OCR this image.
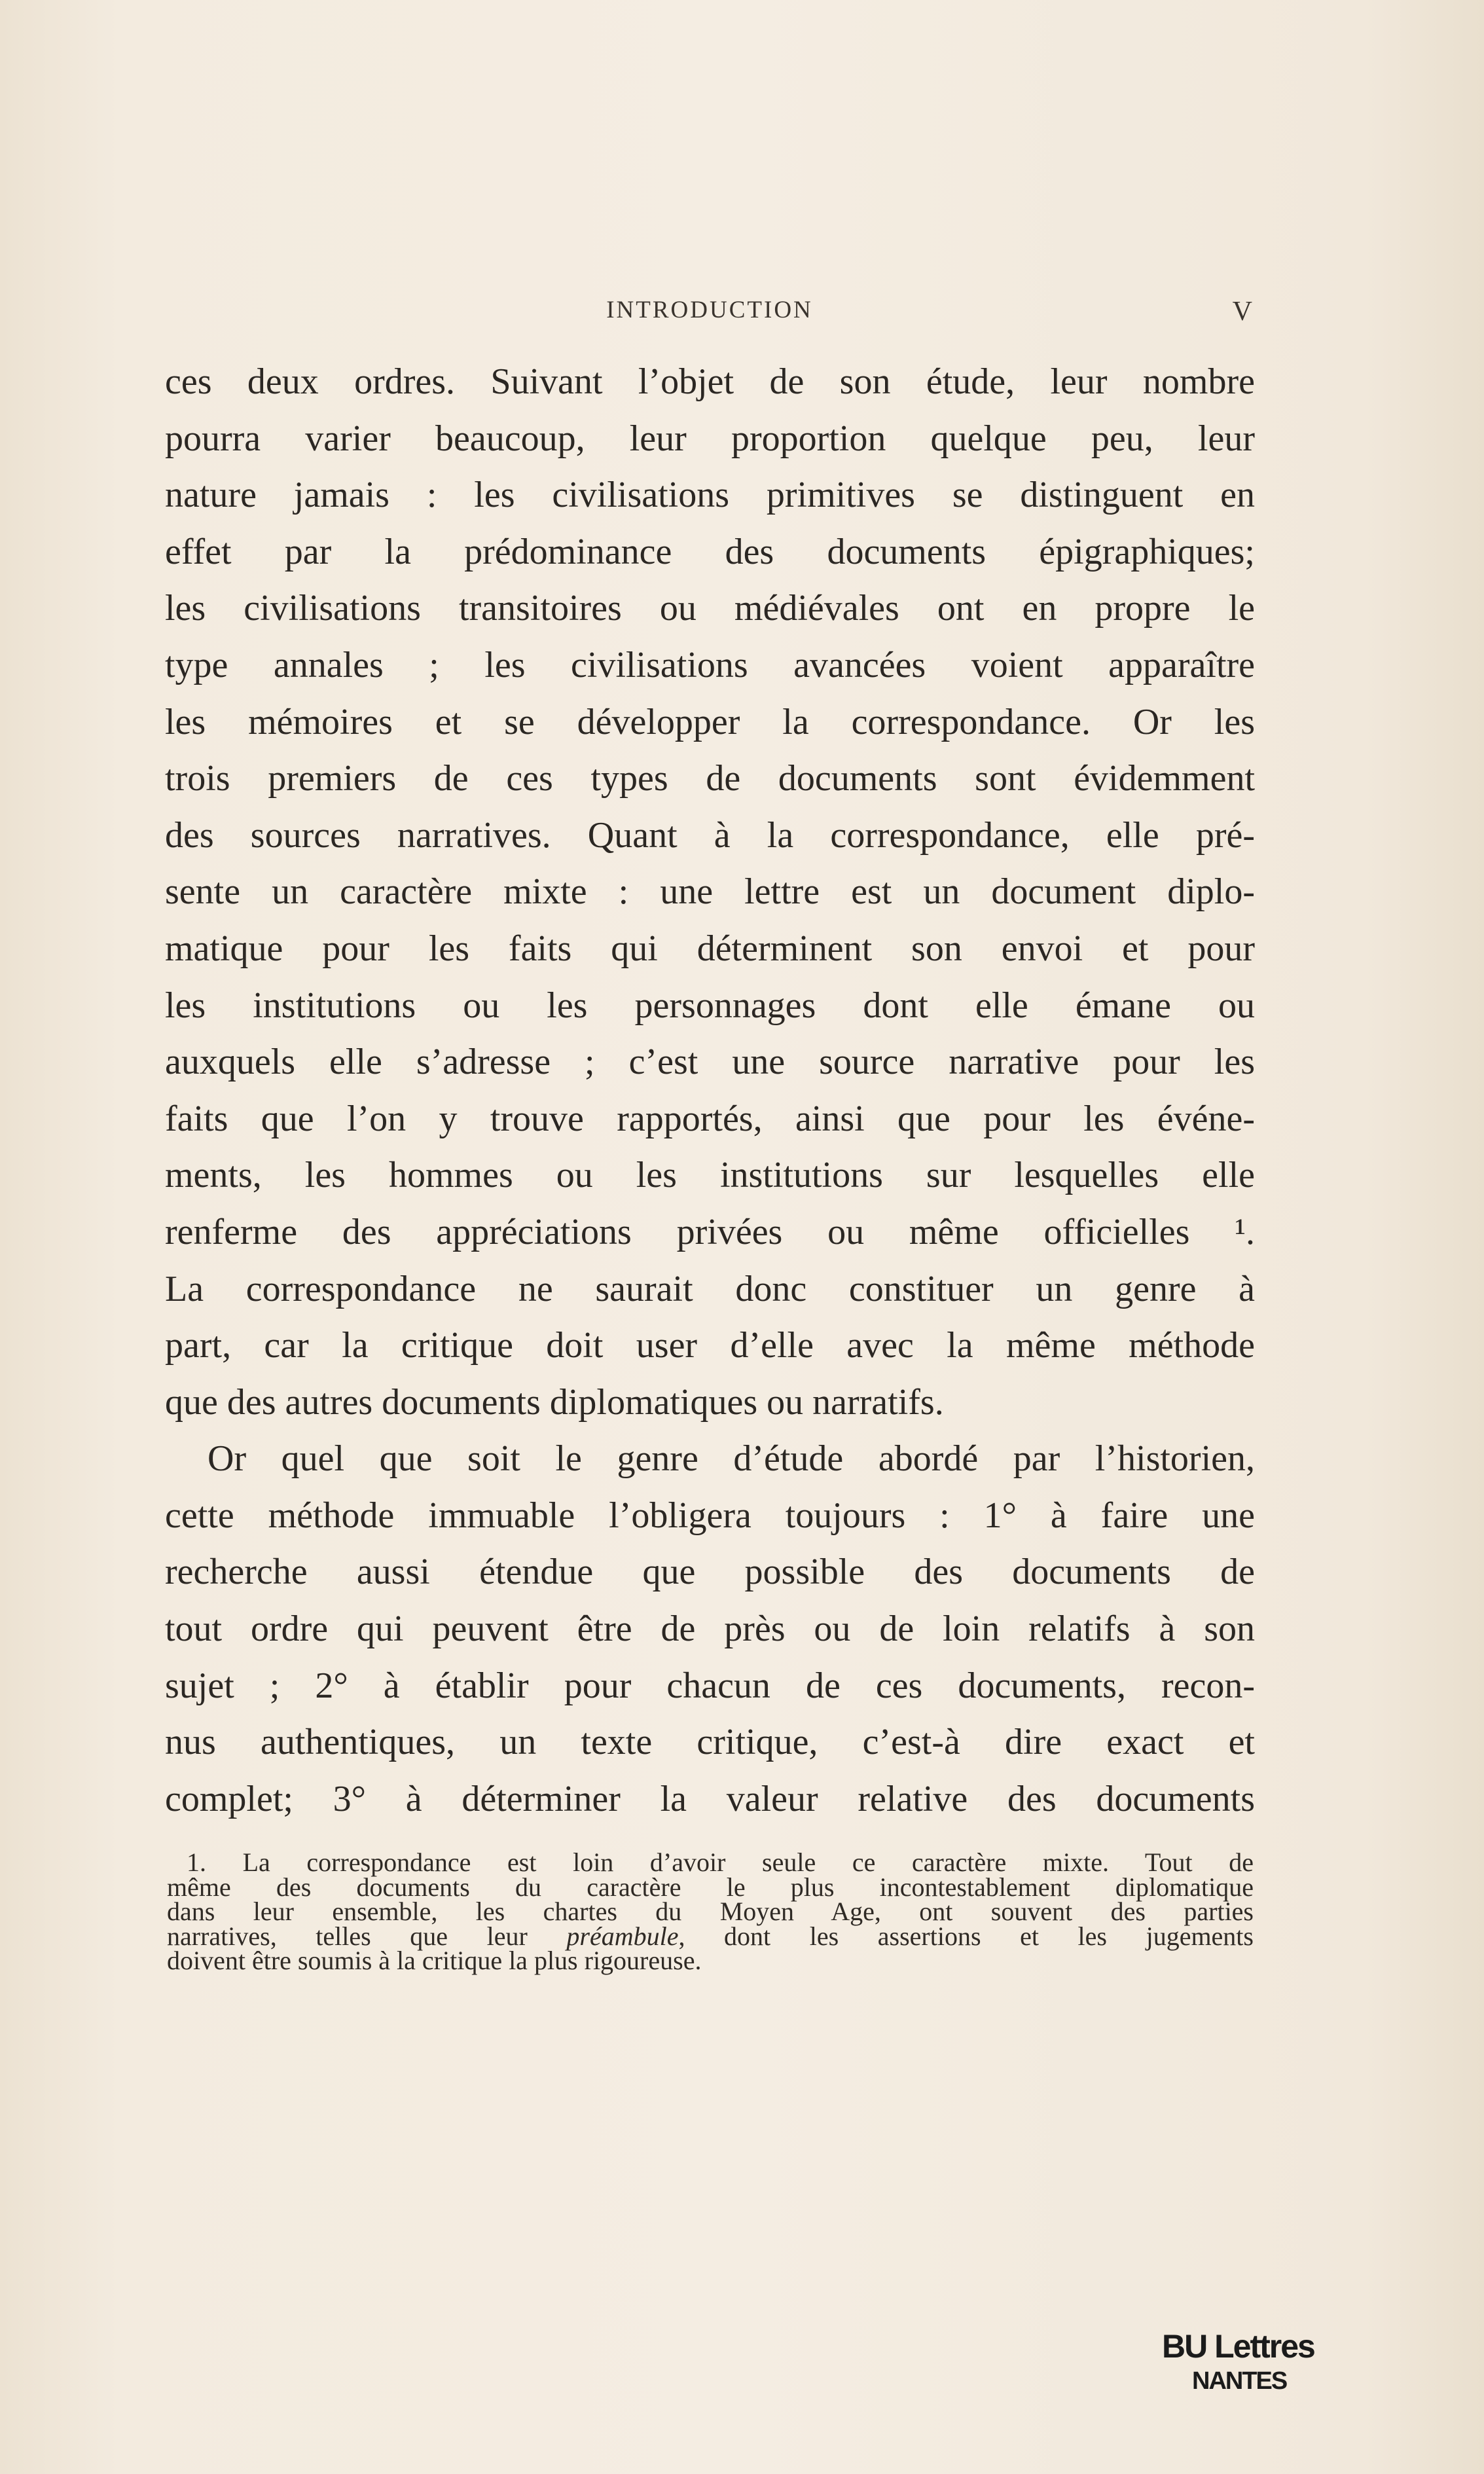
INTRODUCTION	V
ces deux ordres. Suivant l’objet de son étude, leur nombre
pourra varier beaucoup, leur proportion quelque peu, leur
nature jamais : les civilisations primitives se distinguent en
effet par la prédominance des documents épigraphiques;
les civilisations transitoires ou médiévales ont en propre le
type annales ; les civilisations avancées voient apparaître
les mémoires et se développer la correspondance. Or les
trois premiers de ces types de documents sont évidemment
des sources narratives. Quant à la correspondance, elle pré-
sente un caractère mixte : une lettre est un document diplo-
matique pour les faits qui déterminent son envoi et pour
les institutions ou les personnages dont elle émane ou
auxquels elle s’adresse ; c’est une source narrative pour les
faits que l’on y trouve rapportés, ainsi que pour les événe-
ments, les hommes ou les institutions sur lesquelles elle
renferme des appréciations privées ou même officielles ¹.
La correspondance ne saurait donc constituer un genre à
part, car la critique doit user d’elle avec la même méthode
que des autres documents diplomatiques ou narratifs.
Or quel que soit le genre d’étude abordé par l’historien,
cette méthode immuable l’obligera toujours : 1° à faire une
recherche aussi étendue que possible des documents de
tout ordre qui peuvent être de près ou de loin relatifs à son
sujet ; 2° à établir pour chacun de ces documents, recon-
nus authentiques, un texte critique, c’est-à dire exact et
complet; 3° à déterminer la valeur relative des documents
1. La correspondance est loin d’avoir seule ce caractère mixte. Tout de
même des documents du caractère le plus incontestablement diplomatique
dans leur ensemble, les chartes du Moyen Age, ont souvent des parties
narratives, telles que leur préambule, dont les assertions et les jugements
doivent être soumis à la critique la plus rigoureuse.
BU Lettres
NANTES
